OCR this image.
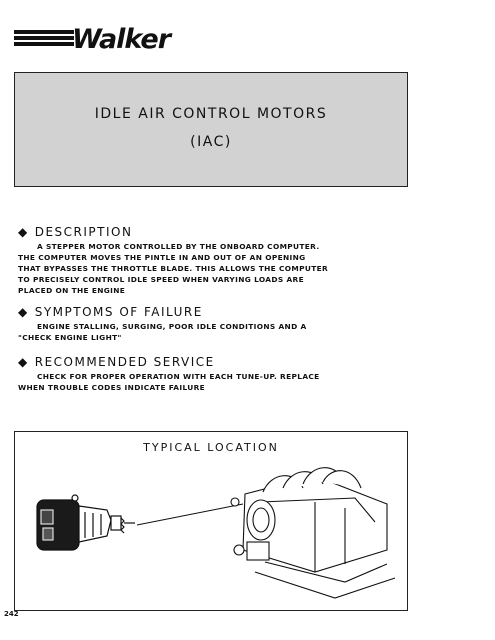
Walker
IDLE AIR CONTROL MOTORS
(IAC)
◆ DESCRIPTION
A STEPPER MOTOR CONTROLLED BY THE ONBOARD COMPUTER.
THE COMPUTER MOVES THE PINTLE IN AND OUT OF AN OPENING
THAT BYPASSES THE THROTTLE BLADE. THIS ALLOWS THE COMPUTER
TO PRECISELY CONTROL IDLE SPEED WHEN VARYING LOADS ARE
PLACED ON THE ENGINE
◆ SYMPTOMS OF FAILURE
ENGINE STALLING, SURGING, POOR IDLE CONDITIONS AND A
"CHECK ENGINE LIGHT"
◆ RECOMMENDED SERVICE
CHECK FOR PROPER OPERATION WITH EACH TUNE-UP. REPLACE
WHEN TROUBLE CODES INDICATE FAILURE
TYPICAL LOCATION
242
